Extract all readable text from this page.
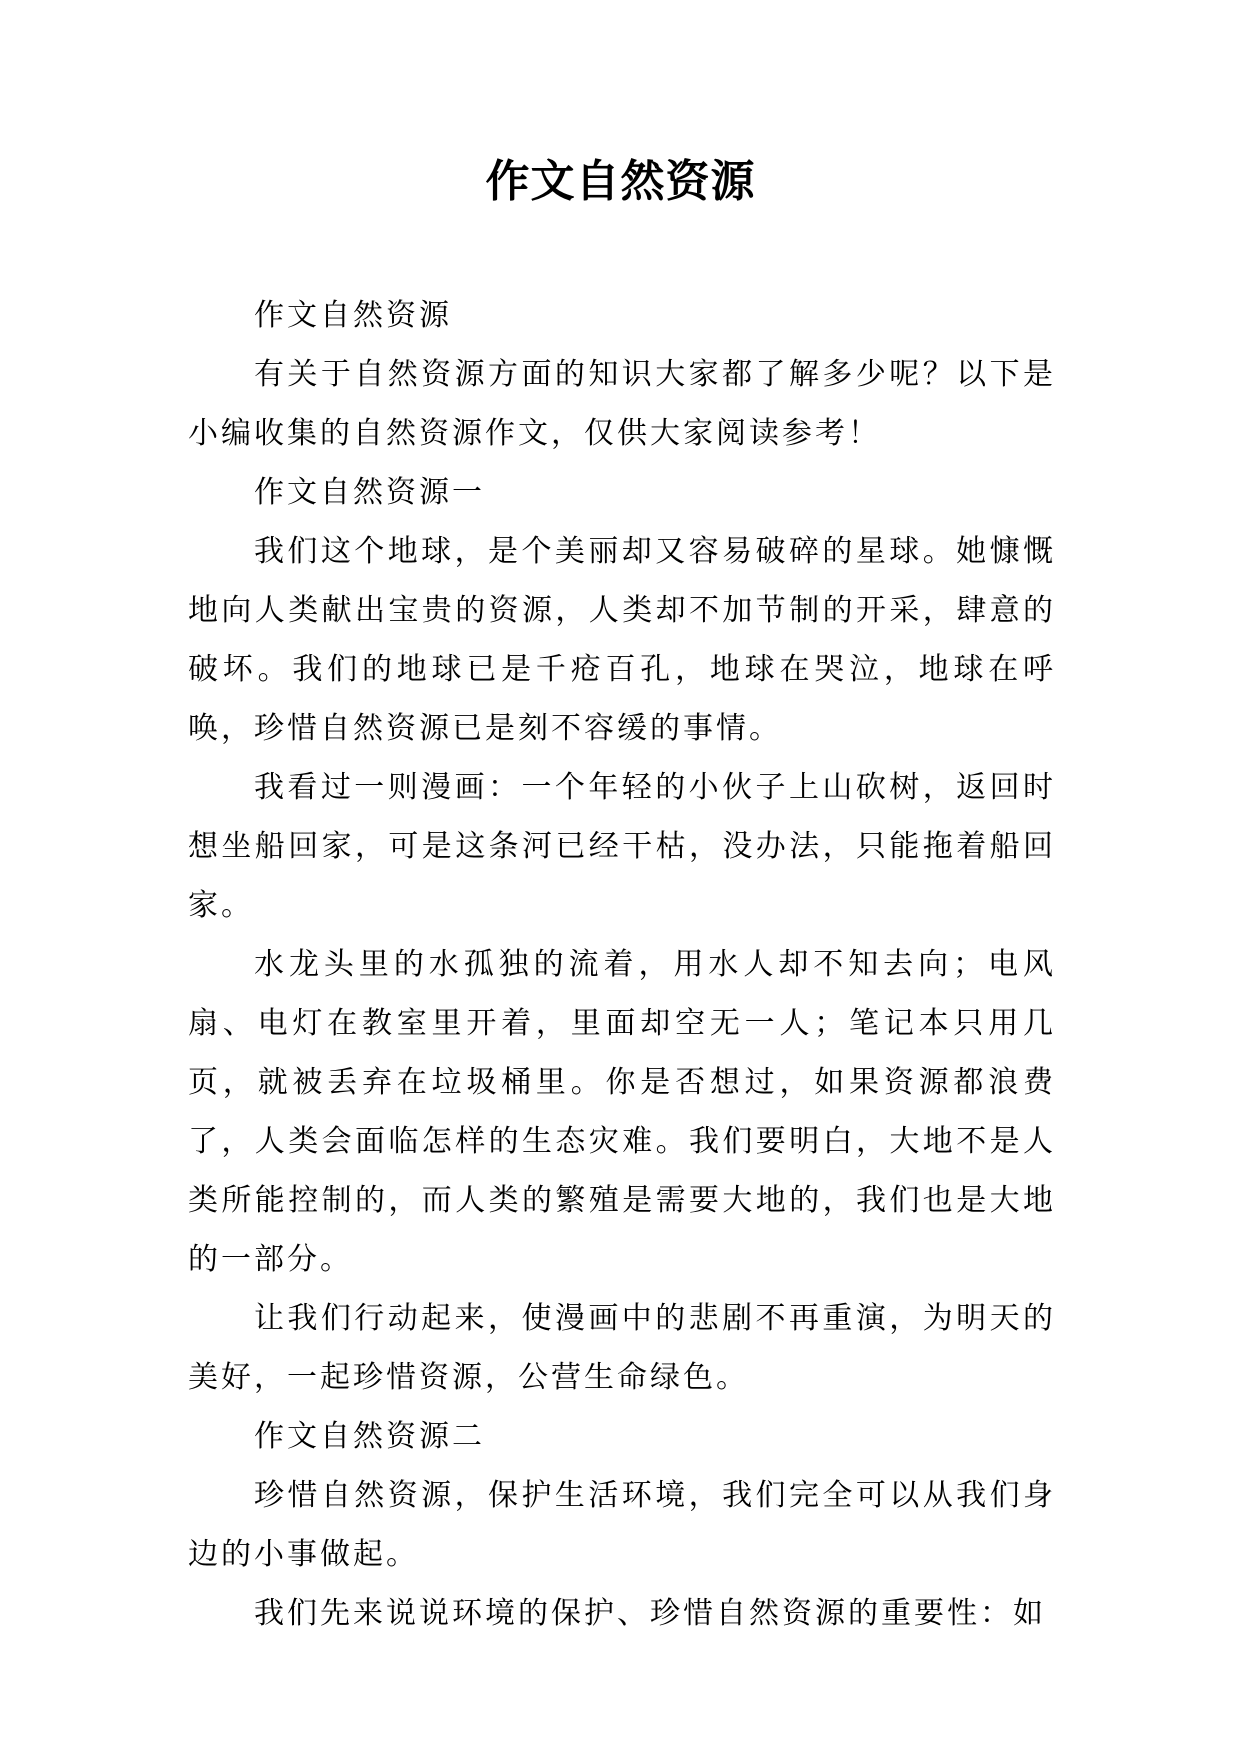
作文自然资源

作文自然资源

有关于自然资源方面的知识大家都了解多少呢？以下是小编收集的自然资源作文，仅供大家阅读参考！

作文自然资源一

我们这个地球，是个美丽却又容易破碎的星球。她慷慨地向人类献出宝贵的资源，人类却不加节制的开采，肆意的破坏。我们的地球已是千疮百孔，地球在哭泣，地球在呼唤，珍惜自然资源已是刻不容缓的事情。

我看过一则漫画：一个年轻的小伙子上山砍树，返回时想坐船回家，可是这条河已经干枯，没办法，只能拖着船回家。

水龙头里的水孤独的流着，用水人却不知去向；电风扇、电灯在教室里开着，里面却空无一人；笔记本只用几页，就被丢弃在垃圾桶里。你是否想过，如果资源都浪费了，人类会面临怎样的生态灾难。我们要明白，大地不是人类所能控制的，而人类的繁殖是需要大地的，我们也是大地的一部分。

让我们行动起来，使漫画中的悲剧不再重演，为明天的美好，一起珍惜资源，公营生命绿色。

作文自然资源二

珍惜自然资源，保护生活环境，我们完全可以从我们身边的小事做起。

我们先来说说环境的保护、珍惜自然资源的重要性：如
